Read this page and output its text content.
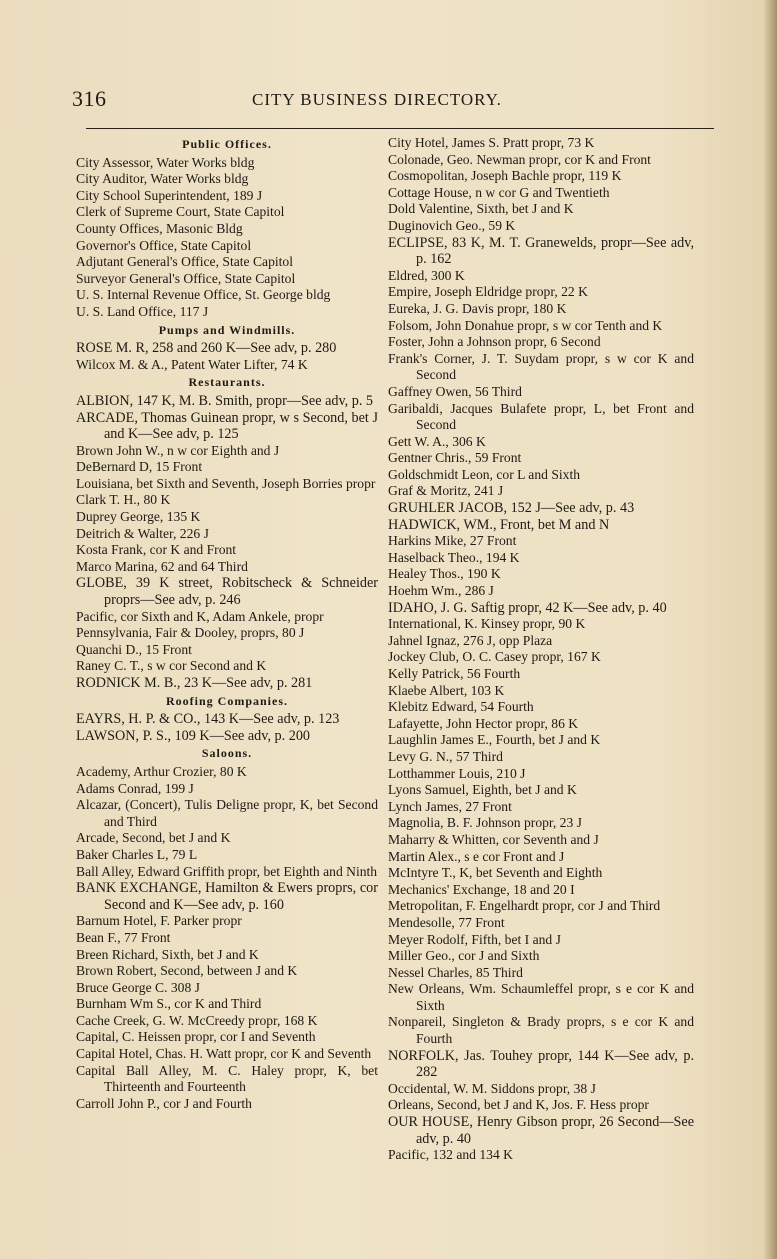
316	CITY BUSINESS DIRECTORY.
Public Offices.
City Assessor, Water Works bldg
City Auditor, Water Works bldg
City School Superintendent, 189 J
Clerk of Supreme Court, State Capitol
County Offices, Masonic Bldg
Governor's Office, State Capitol
Adjutant General's Office, State Capitol
Surveyor General's Office, State Capitol
U. S. Internal Revenue Office, St. George bldg
U. S. Land Office, 117 J
Pumps and Windmills.
ROSE M. R, 258 and 260 K—See adv, p. 280
Wilcox M. & A., Patent Water Lifter, 74 K
Restaurants.
ALBION, 147 K, M. B. Smith, propr—See adv, p. 5
ARCADE, Thomas Guinean propr, w s Second, bet J and K—See adv, p. 125
Brown John W., n w cor Eighth and J
DeBernard D, 15 Front
Louisiana, bet Sixth and Seventh, Joseph Borries propr
Clark T. H., 80 K
Duprey George, 135 K
Deitrich & Walter, 226 J
Kosta Frank, cor K and Front
Marco Marina, 62 and 64 Third
GLOBE, 39 K street, Robitscheck & Schneider proprs—See adv, p. 246
Pacific, cor Sixth and K, Adam Ankele, propr
Pennsylvania, Fair & Dooley, proprs, 80 J
Quanchi D., 15 Front
Raney C. T., s w cor Second and K
RODNICK M. B., 23 K—See adv, p. 281
Roofing Companies.
EAYRS, H. P. & CO., 143 K—See adv, p. 123
LAWSON, P. S., 109 K—See adv, p. 200
Saloons.
Academy, Arthur Crozier, 80 K
Adams Conrad, 199 J
Alcazar, (Concert), Tulis Deligne propr, K, bet Second and Third
Arcade, Second, bet J and K
Baker Charles L, 79 L
Ball Alley, Edward Griffith propr, bet Eighth and Ninth
BANK EXCHANGE, Hamilton & Ewers proprs, cor Second and K—See adv, p. 160
Barnum Hotel, F. Parker propr
Bean F., 77 Front
Breen Richard, Sixth, bet J and K
Brown Robert, Second, between J and K
Bruce George C. 308 J
Burnham Wm S., cor K and Third
Cache Creek, G. W. McCreedy propr, 168 K
Capital, C. Heissen propr, cor I and Seventh
Capital Hotel, Chas. H. Watt propr, cor K and Seventh
Capital Ball Alley, M. C. Haley propr, K, bet Thirteenth and Fourteenth
Carroll John P., cor J and Fourth
City Hotel, James S. Pratt propr, 73 K
Colonade, Geo. Newman propr, cor K and Front
Cosmopolitan, Joseph Bachle propr, 119 K
Cottage House, n w cor G and Twentieth
Dold Valentine, Sixth, bet J and K
Duginovich Geo., 59 K
ECLIPSE, 83 K, M. T. Granewelds, propr—See adv, p. 162
Eldred, 300 K
Empire, Joseph Eldridge propr, 22 K
Eureka, J. G. Davis propr, 180 K
Folsom, John Donahue propr, s w cor Tenth and K
Foster, John a Johnson propr, 6 Second
Frank's Corner, J. T. Suydam propr, s w cor K and Second
Gaffney Owen, 56 Third
Garibaldi, Jacques Bulafete propr, L, bet Front and Second
Gett W. A., 306 K
Gentner Chris., 59 Front
Goldschmidt Leon, cor L and Sixth
Graf & Moritz, 241 J
GRUHLER JACOB, 152 J—See adv, p. 43
HADWICK, WM., Front, bet M and N
Harkins Mike, 27 Front
Haselback Theo., 194 K
Healey Thos., 190 K
Hoehm Wm., 286 J
IDAHO, J. G. Saftig propr, 42 K—See adv, p. 40
International, K. Kinsey propr, 90 K
Jahnel Ignaz, 276 J, opp Plaza
Jockey Club, O. C. Casey propr, 167 K
Kelly Patrick, 56 Fourth
Klaebe Albert, 103 K
Klebitz Edward, 54 Fourth
Lafayette, John Hector propr, 86 K
Laughlin James E., Fourth, bet J and K
Levy G. N., 57 Third
Lotthammer Louis, 210 J
Lyons Samuel, Eighth, bet J and K
Lynch James, 27 Front
Magnolia, B. F. Johnson propr, 23 J
Maharry & Whitten, cor Seventh and J
Martin Alex., s e cor Front and J
McIntyre T., K, bet Seventh and Eighth
Mechanics' Exchange, 18 and 20 I
Metropolitan, F. Engelhardt propr, cor J and Third
Mendesolle, 77 Front
Meyer Rodolf, Fifth, bet I and J
Miller Geo., cor J and Sixth
Nessel Charles, 85 Third
New Orleans, Wm. Schaumleffel propr, s e cor K and Sixth
Nonpareil, Singleton & Brady proprs, s e cor K and Fourth
NORFOLK, Jas. Touhey propr, 144 K—See adv, p. 282
Occidental, W. M. Siddons propr, 38 J
Orleans, Second, bet J and K, Jos. F. Hess propr
OUR HOUSE, Henry Gibson propr, 26 Second—See adv, p. 40
Pacific, 132 and 134 K
